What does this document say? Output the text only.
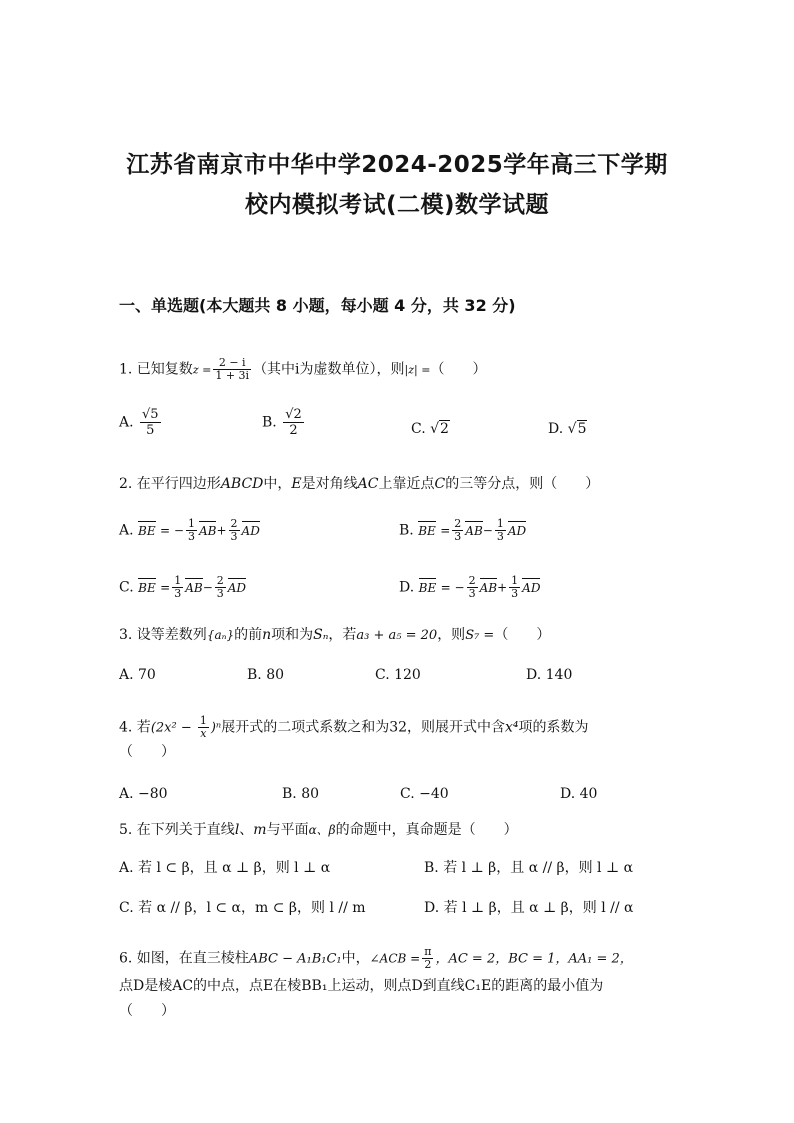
江苏省南京市中华中学2024-2025学年高三下学期
校内模拟考试(二模)数学试题
一、单选题(本大题共 8 小题，每小题 4 分，共 32 分)
1. 已知复数$z = \frac{2 - i}{1 + 3i}$ （其中i为虚数单位），则|z| =（　　）
A. $\frac{√5}{5}$	B. $\frac{√2}{2}$	C. √2	D. √5
2. 在平行四边形ABCD中，E是对角线AC上靠近点C的三等分点，则（　　）
A. BE = − $\frac{1}{3} AB+ \frac{2}{3}$ AD	B. BE = $\frac{2}{3} AB- \frac{1}{3}$ AD
C. BE = $\frac{1}{3} AB- \frac{2}{3}$ AD	D. BE = − $\frac{2}{3} AB+ \frac{1}{3}$ AD
3. 设等差数列{aₙ}的前n项和为Sₙ，若a₃ + a₅ = 20，则S₇ =（　　）
A. 70	B. 80	C. 120	D. 140
4. 若$(2x^2 - \frac{1}{x} )^n$展开式的二项式系数之和为32，则展开式中含x⁴项的系数为
（　　）
A. −80	B. 80	C. −40	D. 40
5. 在下列关于直线l、m与平面α、β的命题中，真命题是（　　）
A. 若 l ⊂ β，且 α ⊥ β，则 l ⊥ α	B. 若 l ⊥ β，且 α // β，则 l ⊥ α
C. 若 α // β，l ⊂ α，m ⊂ β，则 l // m	D. 若 l ⊥ β，且 α ⊥ β，则 l // α
6. 如图，在直三棱柱ABC − A₁B₁C₁中，∠ACB = $\frac{\pi}{2}$ ，AC = 2，BC = 1，AA₁ = 2，
点D是棱AC的中点，点E在棱BB₁上运动，则点D到直线C₁E的距离的最小值为
（　　）
